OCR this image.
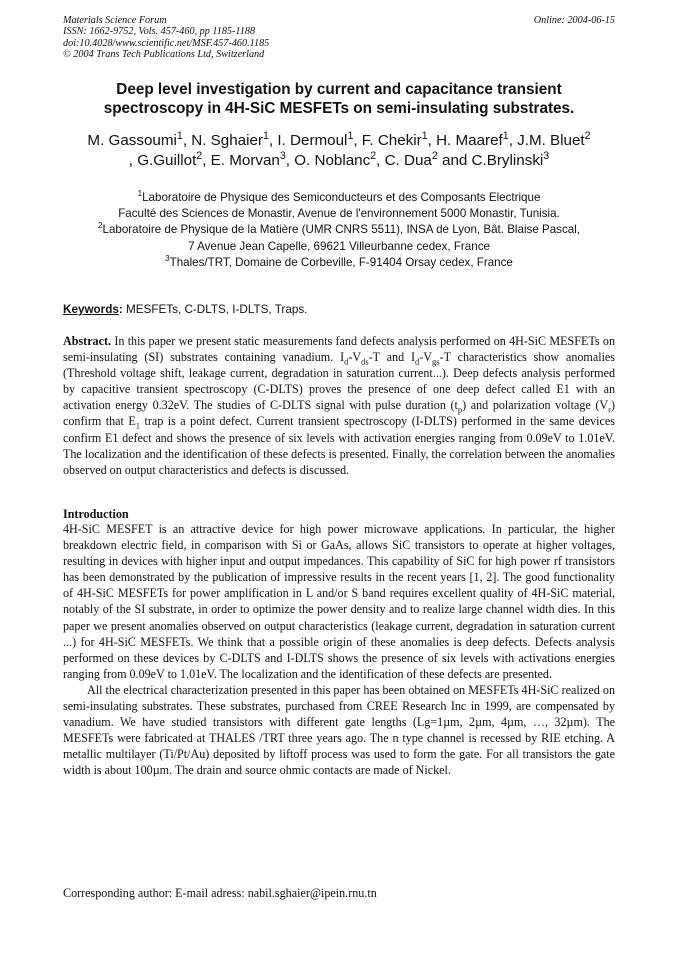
Materials Science Forum
ISSN: 1662-9752, Vols. 457-460, pp 1185-1188
doi:10.4028/www.scientific.net/MSF.457-460.1185
© 2004 Trans Tech Publications Ltd, Switzerland
Online: 2004-06-15
Deep level investigation by current and capacitance transient
spectroscopy in 4H-SiC MESFETs on semi-insulating substrates.
M. Gassoumi$^1$, N. Sghaier$^1$, I. Dermoul$^1$, F. Chekir$^1$, H. Maaref$^1$, J.M. Bluet$^2$
, G.Guillot$^2$, E. Morvan$^3$, O. Noblanc$^2$, C. Dua$^2$ and C.Brylinski$^3$
$^1$Laboratoire de Physique des Semiconducteurs et des Composants Electrique
Faculté des Sciences de Monastir, Avenue de l'environnement 5000 Monastir, Tunisia.
$^2$Laboratoire de Physique de la Matière (UMR CNRS 5511), INSA de Lyon, Bât. Blaise Pascal,
7 Avenue Jean Capelle, 69621 Villeurbanne cedex, France
$^3$Thales/TRT, Domaine de Corbeville, F-91404 Orsay cedex, France
Keywords: MESFETs, C-DLTS, I-DLTS, Traps.
Abstract. In this paper we present static measurements fand defects analysis performed on 4H-SiC MESFETs on semi-insulating (SI) substrates containing vanadium. $I_d-V_{ds}-T$ and $I_d-V_{gs}-T$ characteristics show anomalies (Threshold voltage shift, leakage current, degradation in saturation current...). Deep defects analysis performed by capacitive transient spectroscopy (C-DLTS) proves the presence of one deep defect called E1 with an activation energy 0.32eV. The studies of C-DLTS signal with pulse duration $(t_p)$ and polarization voltage $(V_r)$ confirm that $E_1$ trap is a point defect. Current transient spectroscopy (I-DLTS) performed in the same devices confirm E1 defect and shows the presence of six levels with activation energies ranging from 0.09eV to 1.01eV. The localization and the identification of these defects is presented. Finally, the correlation between the anomalies observed on output characteristics and defects is discussed.
Introduction

4H-SiC MESFET is an attractive device for high power microwave applications. In particular, the higher breakdown electric field, in comparison with Si or GaAs, allows SiC transistors to operate at higher voltages, resulting in devices with higher input and output impedances. This capability of SiC for high power rf transistors has been demonstrated by the publication of impressive results in the recent years [1, 2]. The good functionality of 4H-SiC MESFETs for power amplification in L and/or S band requires excellent quality of 4H-SiC material, notably of the SI substrate, in order to optimize the power density and to realize large channel width dies. In this paper we present anomalies observed on output characteristics (leakage current, degradation in saturation current ...) for 4H-SiC MESFETs. We think that a possible origin of these anomalies is deep defects. Defects analysis performed on these devices by C-DLTS and I-DLTS shows the presence of six levels with activations energies ranging from 0.09eV to 1.01eV. The localization and the identification of these defects are presented.

All the electrical characterization presented in this paper has been obtained on MESFETs 4H-SiC realized on semi-insulating substrates. These substrates, purchased from CREE Research Inc in 1999, are compensated by vanadium. We have studied transistors with different gate lengths (Lg=1µm, 2µm, 4µm, …, 32µm). The MESFETs were fabricated at THALES /TRT three years ago. The n type channel is recessed by RIE etching. A metallic multilayer (Ti/Pt/Au) deposited by liftoff process was used to form the gate. For all transistors the gate width is about 100µm. The drain and source ohmic contacts are made of Nickel.

Corresponding author: E-mail adress: nabil.sghaier@ipein.rnu.tn
